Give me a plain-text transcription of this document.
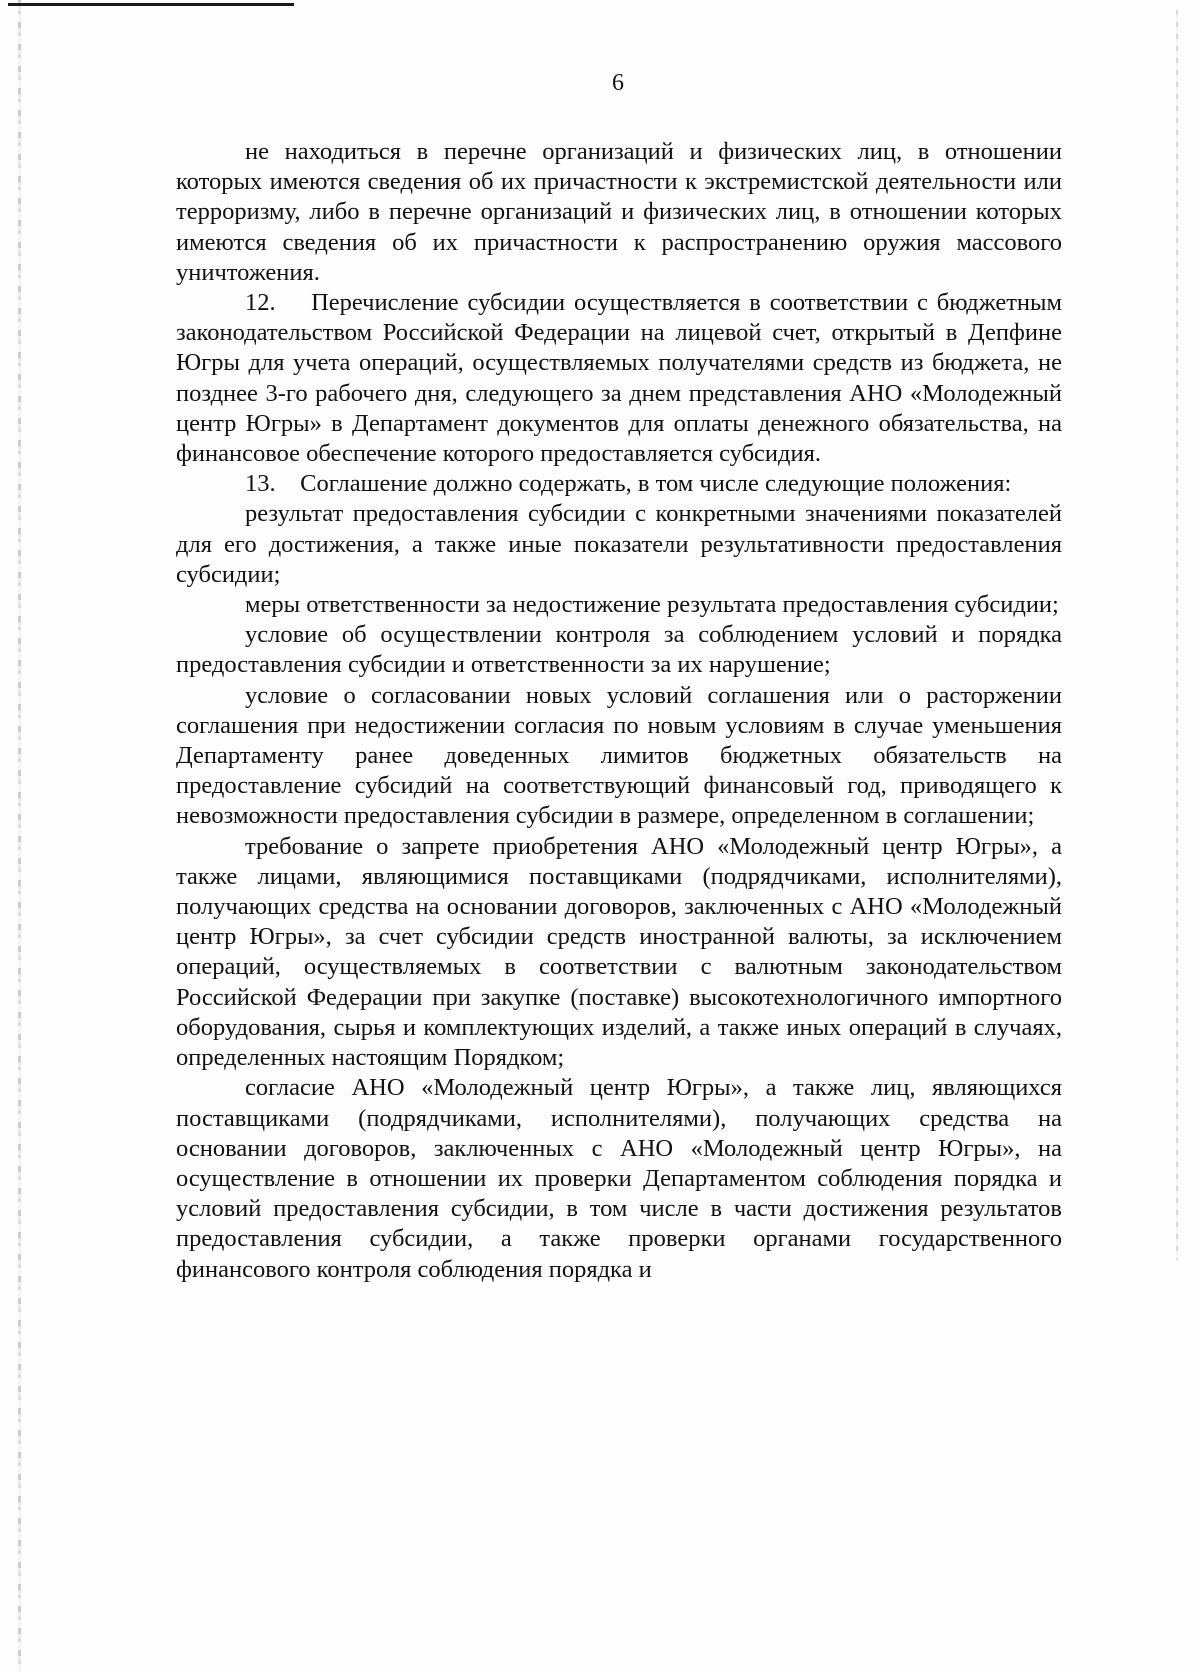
6

не находиться в перечне организаций и физических лиц, в отношении которых имеются сведения об их причастности к экстремистской деятельности или терроризму, либо в перечне организаций и физических лиц, в отношении которых имеются сведения об их причастности к распространению оружия массового уничтожения.

12. Перечисление субсидии осуществляется в соответствии с бюджетным законодательством Российской Федерации на лицевой счет, открытый в Депфине Югры для учета операций, осуществляемых получателями средств из бюджета, не позднее 3-го рабочего дня, следующего за днем представления АНО «Молодежный центр Югры» в Департамент документов для оплаты денежного обязательства, на финансовое обеспечение которого предоставляется субсидия.

13. Соглашение должно содержать, в том числе следующие положения:

результат предоставления субсидии с конкретными значениями показателей для его достижения, а также иные показатели результативности предоставления субсидии;

меры ответственности за недостижение результата предоставления субсидии;

условие об осуществлении контроля за соблюдением условий и порядка предоставления субсидии и ответственности за их нарушение;

условие о согласовании новых условий соглашения или о расторжении соглашения при недостижении согласия по новым условиям в случае уменьшения Департаменту ранее доведенных лимитов бюджетных обязательств на предоставление субсидий на соответствующий финансовый год, приводящего к невозможности предоставления субсидии в размере, определенном в соглашении;

требование о запрете приобретения АНО «Молодежный центр Югры», а также лицами, являющимися поставщиками (подрядчиками, исполнителями), получающих средства на основании договоров, заключенных с АНО «Молодежный центр Югры», за счет субсидии средств иностранной валюты, за исключением операций, осуществляемых в соответствии с валютным законодательством Российской Федерации при закупке (поставке) высокотехнологичного импортного оборудования, сырья и комплектующих изделий, а также иных операций в случаях, определенных настоящим Порядком;

согласие АНО «Молодежный центр Югры», а также лиц, являющихся поставщиками (подрядчиками, исполнителями), получающих средства на основании договоров, заключенных с АНО «Молодежный центр Югры», на осуществление в отношении их проверки Департаментом соблюдения порядка и условий предоставления субсидии, в том числе в части достижения результатов предоставления субсидии, а также проверки органами государственного финансового контроля соблюдения порядка и
